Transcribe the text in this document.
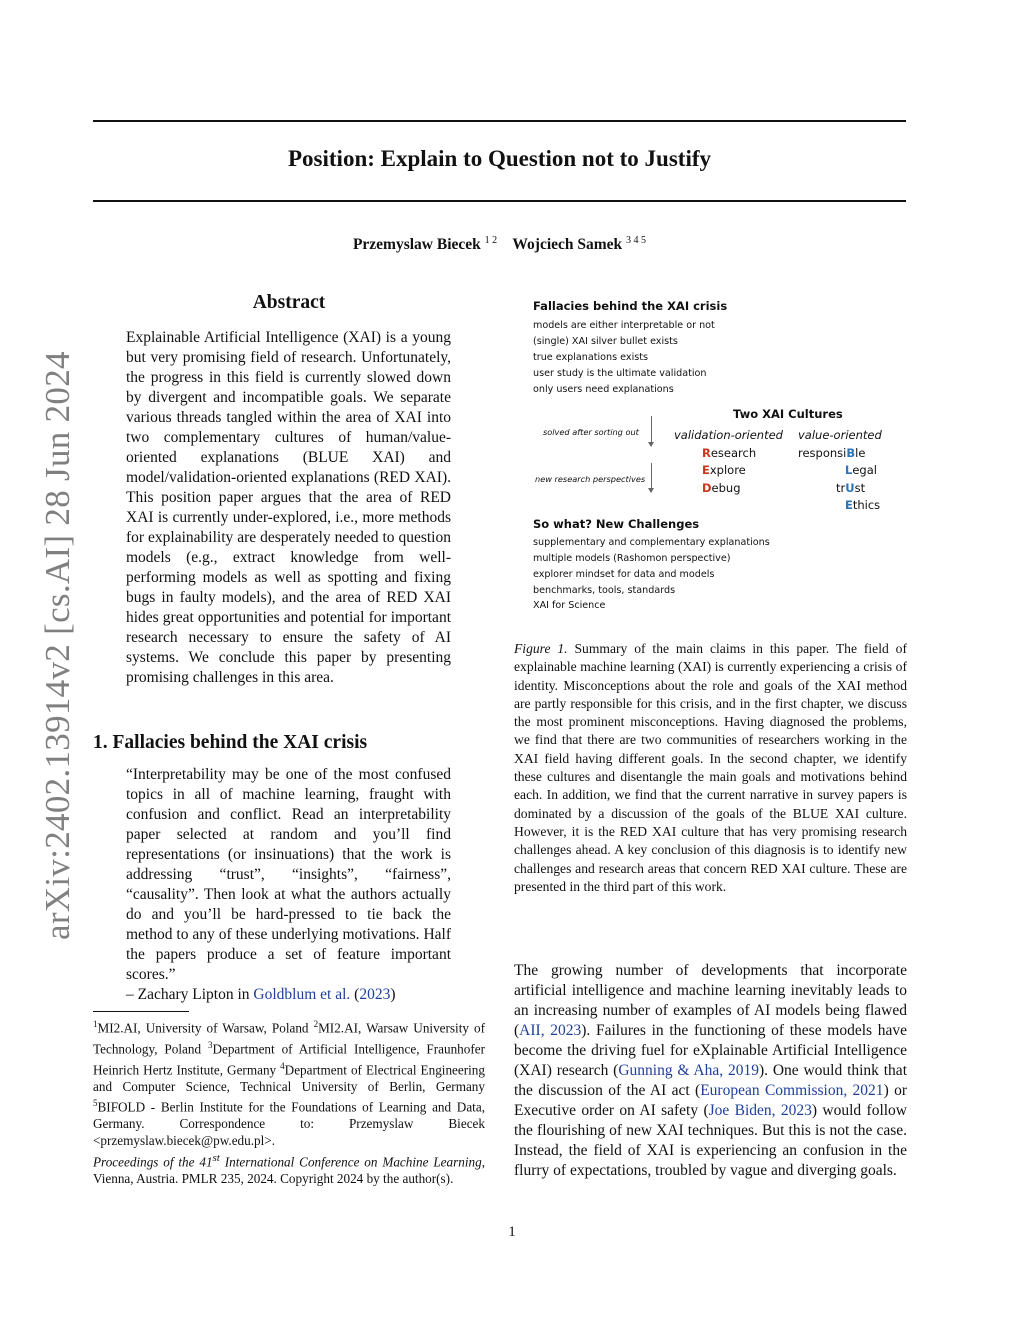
arXiv:2402.13914v2 [cs.AI] 28 Jun 2024
Position: Explain to Question not to Justify
Przemyslaw Biecek $^{1 2}$ Wojciech Samek $^{3 4 5}$
Abstract
Explainable Artificial Intelligence (XAI) is a young but very promising field of research. Unfortunately, the progress in this field is currently slowed down by divergent and incompatible goals. We separate various threads tangled within the area of XAI into two complementary cultures of human/value-oriented explanations (BLUE XAI) and model/validation-oriented explanations (RED XAI). This position paper argues that the area of RED XAI is currently under-explored, i.e., more methods for explainability are desperately needed to question models (e.g., extract knowledge from well-performing models as well as spotting and fixing bugs in faulty models), and the area of RED XAI hides great opportunities and potential for important research necessary to ensure the safety of AI systems. We conclude this paper by presenting promising challenges in this area.
1. Fallacies behind the XAI crisis
“Interpretability may be one of the most confused topics in all of machine learning, fraught with confusion and conflict. Read an interpretability paper selected at random and you’ll find representations (or insinuations) that the work is addressing “trust”, “insights”, “fairness”, “causality”. Then look at what the authors actually do and you’ll be hard-pressed to tie back the method to any of these underlying motivations. Half the papers produce a set of feature important scores.”
– Zachary Lipton in Goldblum et al. (2023)
$^1$MI2.AI, University of Warsaw, Poland $^2$MI2.AI, Warsaw University of Technology, Poland $^3$Department of Artificial Intelligence, Fraunhofer Heinrich Hertz Institute, Germany $^4$Department of Electrical Engineering and Computer Science, Technical University of Berlin, Germany $^5$BIFOLD - Berlin Institute for the Foundations of Learning and Data, Germany. Correspondence to: Przemyslaw Biecek <przemyslaw.biecek@pw.edu.pl>.
Proceedings of the 41st International Conference on Machine Learning, Vienna, Austria. PMLR 235, 2024. Copyright 2024 by the author(s).
Fallacies behind the XAI crisis
models are either interpretable or not
(single) XAI silver bullet exists
true explanations exists
user study is the ultimate validation
only users need explanations
Two XAI Cultures
solved after sorting out
new research perspectives
validation-oriented value-oriented
Research
Explore
Debug
responsiBle
Legal
trUst
Ethics
So what? New Challenges
supplementary and complementary explanations
multiple models (Rashomon perspective)
explorer mindset for data and models
benchmarks, tools, standards
XAI for Science
Figure 1. Summary of the main claims in this paper. The field of explainable machine learning (XAI) is currently experiencing a crisis of identity. Misconceptions about the role and goals of the XAI method are partly responsible for this crisis, and in the first chapter, we discuss the most prominent misconceptions. Having diagnosed the problems, we find that there are two communities of researchers working in the XAI field having different goals. In the second chapter, we identify these cultures and disentangle the main goals and motivations behind each. In addition, we find that the current narrative in survey papers is dominated by a discussion of the goals of the BLUE XAI culture. However, it is the RED XAI culture that has very promising research challenges ahead. A key conclusion of this diagnosis is to identify new challenges and research areas that concern RED XAI culture. These are presented in the third part of this work.
The growing number of developments that incorporate artificial intelligence and machine learning inevitably leads to an increasing number of examples of AI models being flawed (AII, 2023). Failures in the functioning of these models have become the driving fuel for eXplainable Artificial Intelligence (XAI) research (Gunning & Aha, 2019). One would think that the discussion of the AI act (European Commission, 2021) or Executive order on AI safety (Joe Biden, 2023) would follow the flourishing of new XAI techniques. But this is not the case. Instead, the field of XAI is experiencing an confusion in the flurry of expectations, troubled by vague and diverging goals.
1
